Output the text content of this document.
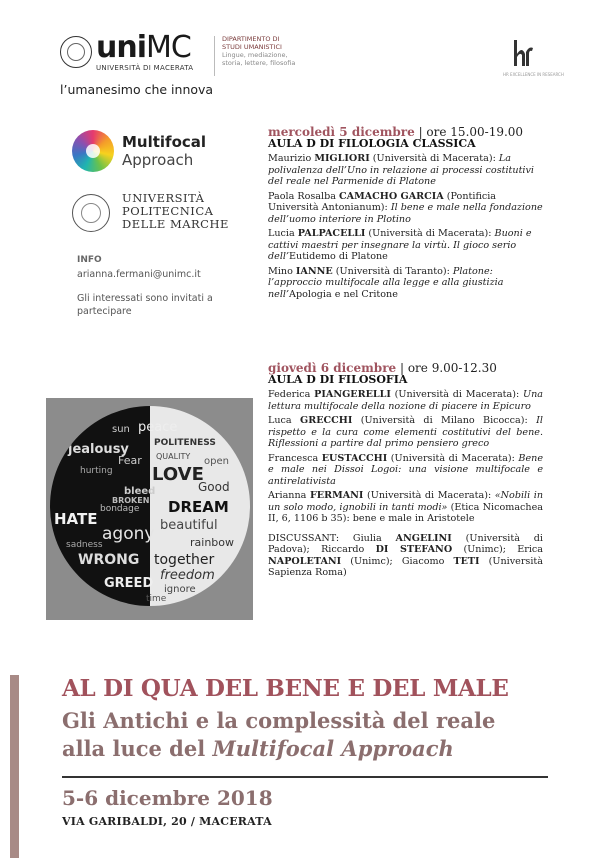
uniMC
UNIVERSITÀ DI MACERATA
l’umanesimo che innova
DIPARTIMENTO DI
STUDI UMANISTICI
Lingue, mediazione,
storia, lettere, filosofia
HR EXCELLENCE IN RESEARCH
Multifocal
Approach
UNIVERSITÀ
POLITECNICA
DELLE MARCHE
INFO
arianna.fermani@unimc.it
Gli interessati sono invitati a partecipare
sun peace
jealousy	POLITENESS
QUALITY
LOVE
open
hurting
Good
DREAM
HATE
bondage
beautiful
agony
sadness
WRONG
rainbow
together
freedom
GREED ignore
time
bleed
BROKEN
Fear
mercoledì 5 dicembre | ore 15.00-19.00
AULA D DI FILOLOGIA CLASSICA
Maurizio MIGLIORI (Università di Macerata): La polivalenza dell’Uno in relazione ai processi costitutivi del reale nel Parmenide di Platone
Paola Rosalba CAMACHO GARCIA (Pontificia Università Antonianum): Il bene e male nella fondazione dell’uomo interiore in Plotino
Lucia PALPACELLI (Università di Macerata): Buoni e cattivi maestri per insegnare la virtù. Il gioco serio dell’Eutidemo di Platone
Mino IANNE (Università di Taranto): Platone: l’approccio multifocale alla legge e alla giustizia nell’Apologia e nel Critone
giovedì 6 dicembre | ore 9.00-12.30
AULA D DI FILOSOFIA
Federica PIANGERELLI (Università di Macerata): Una lettura multifocale della nozione di piacere in Epicuro
Luca GRECCHI (Università di Milano Bicocca): Il rispetto e la cura come elementi costitutivi del bene. Riflessioni a partire dal primo pensiero greco
Francesca EUSTACCHI (Università di Macerata): Bene e male nei Dissoi Logoi: una visione multifocale e antirelativista
Arianna FERMANI (Università di Macerata): «Nobili in un solo modo, ignobili in tanti modi» (Etica Nicomachea II, 6, 1106 b 35): bene e male in Aristotele
DISCUSSANT: Giulia ANGELINI (Università di Padova); Riccardo DI STEFANO (Unimc); Erica NAPOLETANI (Unimc); Giacomo TETI (Università Sapienza Roma)
AL DI QUA DEL BENE E DEL MALE
Gli Antichi e la complessità del reale
alla luce del Multifocal Approach
5-6 dicembre 2018
VIA GARIBALDI, 20 / MACERATA
